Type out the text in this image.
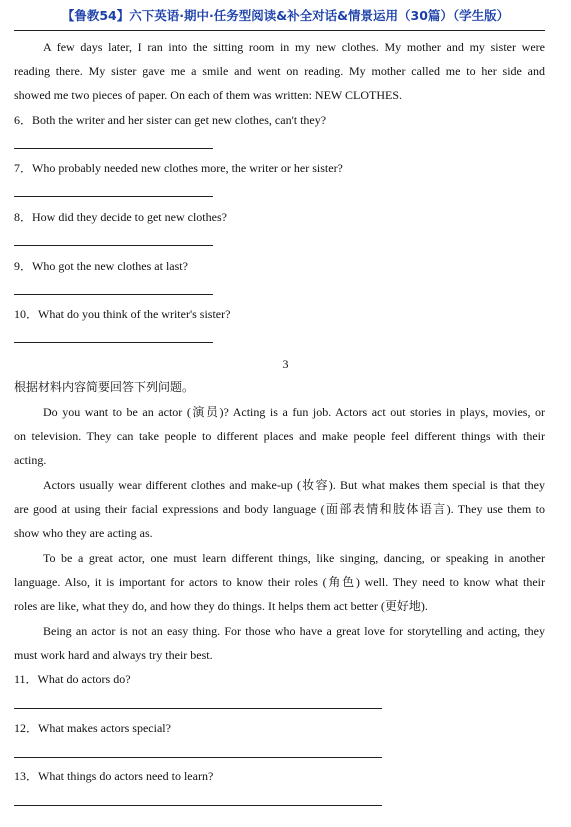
【鲁教54】六下英语·期中·任务型阅读&补全对话&情景运用（30篇）（学生版）
A few days later, I ran into the sitting room in my new clothes. My mother and my sister were
reading there. My sister gave me a smile and went on reading. My mother called me to her side and
showed me two pieces of paper. On each of them was written: NEW CLOTHES.
6．Both the writer and her sister can get new clothes, can't they?
7．Who probably needed new clothes more, the writer or her sister?
8．How did they decide to get new clothes?
9．Who got the new clothes at last?
10．What do you think of the writer's sister?
3
根据材料内容简要回答下列问题。
Do you want to be an actor (演员)? Acting is a fun job. Actors act out stories in plays, movies, or
on television. They can take people to different places and make people feel different things with their
acting.
Actors usually wear different clothes and make-up (妆容). But what makes them special is that they
are good at using their facial expressions and body language (面部表情和肢体语言). They use them to
show who they are acting as.
To be a great actor, one must learn different things, like singing, dancing, or speaking in another
language. Also, it is important for actors to know their roles (角色) well. They need to know what their
roles are like, what they do, and how they do things. It helps them act better (更好地).
Being an actor is not an easy thing. For those who have a great love for storytelling and acting, they
must work hard and always try their best.
11．What do actors do?
12．What makes actors special?
13．What things do actors need to learn?
